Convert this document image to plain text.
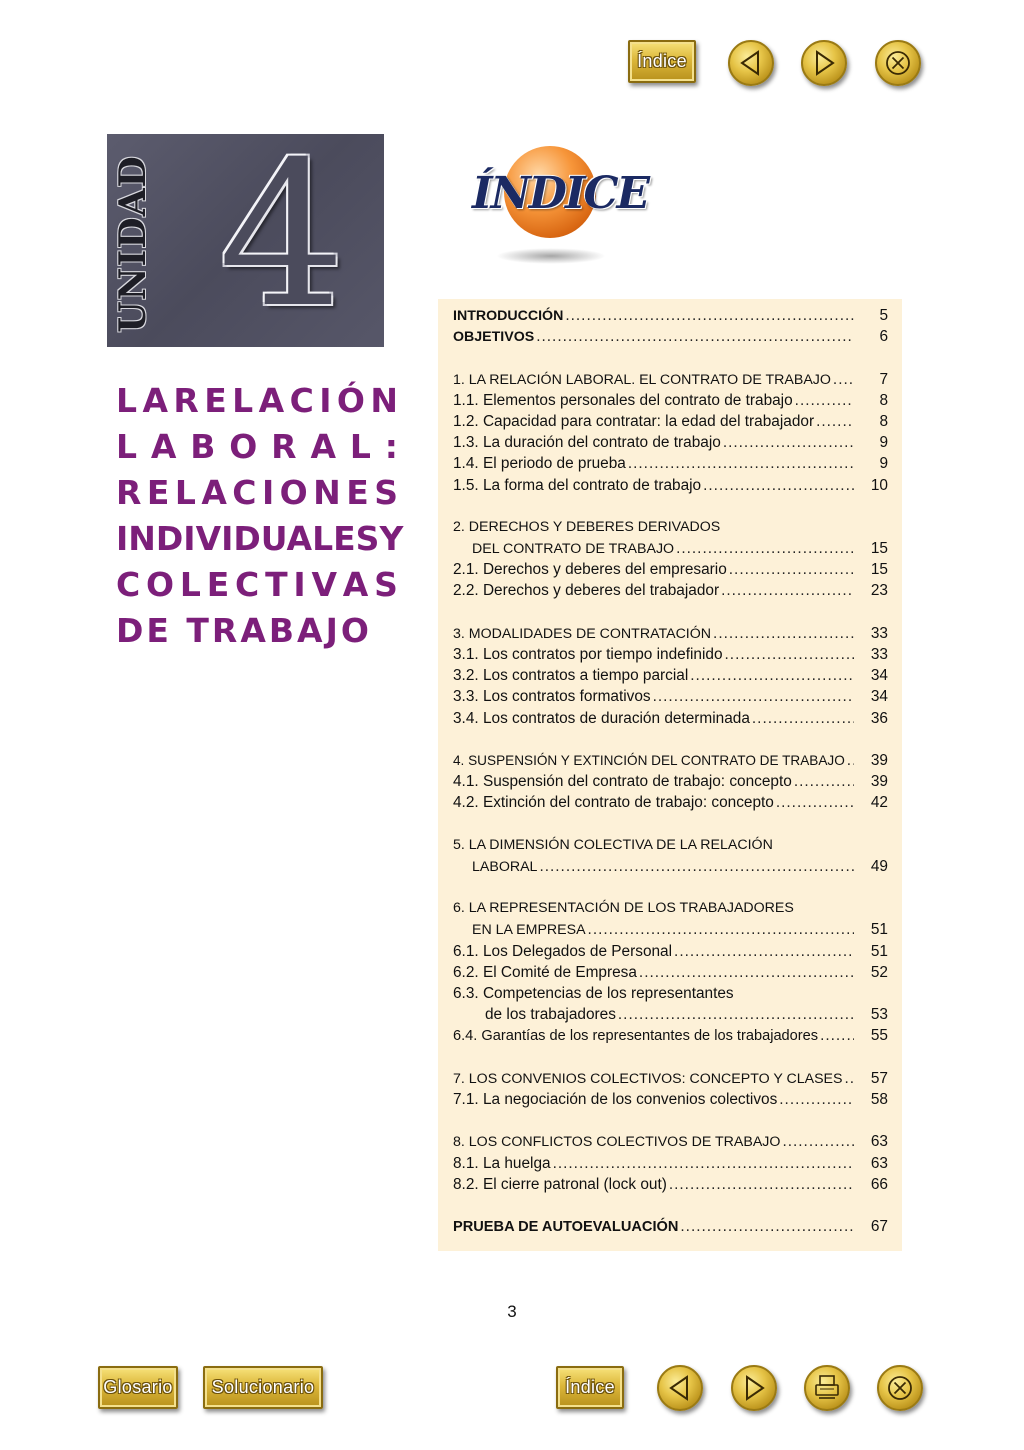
Índice
UNIDAD 4
L A R E L A C I Ó N
L A B O R A L :
R E L A C I O N E S
INDIVIDUALES Y
C O L E C T I V A S
DE TRABAJO
ÍNDICE
INTRODUCCIÓN .....	5
OBJETIVOS .....	6
1. LA RELACIÓN LABORAL. EL CONTRATO DE TRABAJO .....	7
1.1. Elementos personales del contrato de trabajo .....	8
1.2. Capacidad para contratar: la edad del trabajador .....	8
1.3. La duración del contrato de trabajo .....	9
1.4. El periodo de prueba .....	9
1.5. La forma del contrato de trabajo .....	10
2. DERECHOS Y DEBERES DERIVADOS
DEL CONTRATO DE TRABAJO .....	15
2.1. Derechos y deberes del empresario .....	15
2.2. Derechos y deberes del trabajador .....	23
3. MODALIDADES DE CONTRATACIÓN .....	33
3.1. Los contratos por tiempo indefinido .....	33
3.2. Los contratos a tiempo parcial .....	34
3.3. Los contratos formativos .....	34
3.4. Los contratos de duración determinada .....	36
4. SUSPENSIÓN Y EXTINCIÓN DEL CONTRATO DE TRABAJO .....	39
4.1. Suspensión del contrato de trabajo: concepto .....	39
4.2. Extinción del contrato de trabajo: concepto .....	42
5. LA DIMENSIÓN COLECTIVA DE LA RELACIÓN
LABORAL .....	49
6. LA REPRESENTACIÓN DE LOS TRABAJADORES
EN LA EMPRESA .....	51
6.1. Los Delegados de Personal .....	51
6.2. El Comité de Empresa .....	52
6.3. Competencias de los representantes
de los trabajadores .....	53
6.4. Garantías de los representantes de los trabajadores .....	55
7. LOS CONVENIOS COLECTIVOS: CONCEPTO Y CLASES .....	57
7.1. La negociación de los convenios colectivos .....	58
8. LOS CONFLICTOS COLECTIVOS DE TRABAJO .....	63
8.1. La huelga .....	63
8.2. El cierre patronal (lock out) .....	66
PRUEBA DE AUTOEVALUACIÓN .....	67
3
Glosario Solucionario	Índice
